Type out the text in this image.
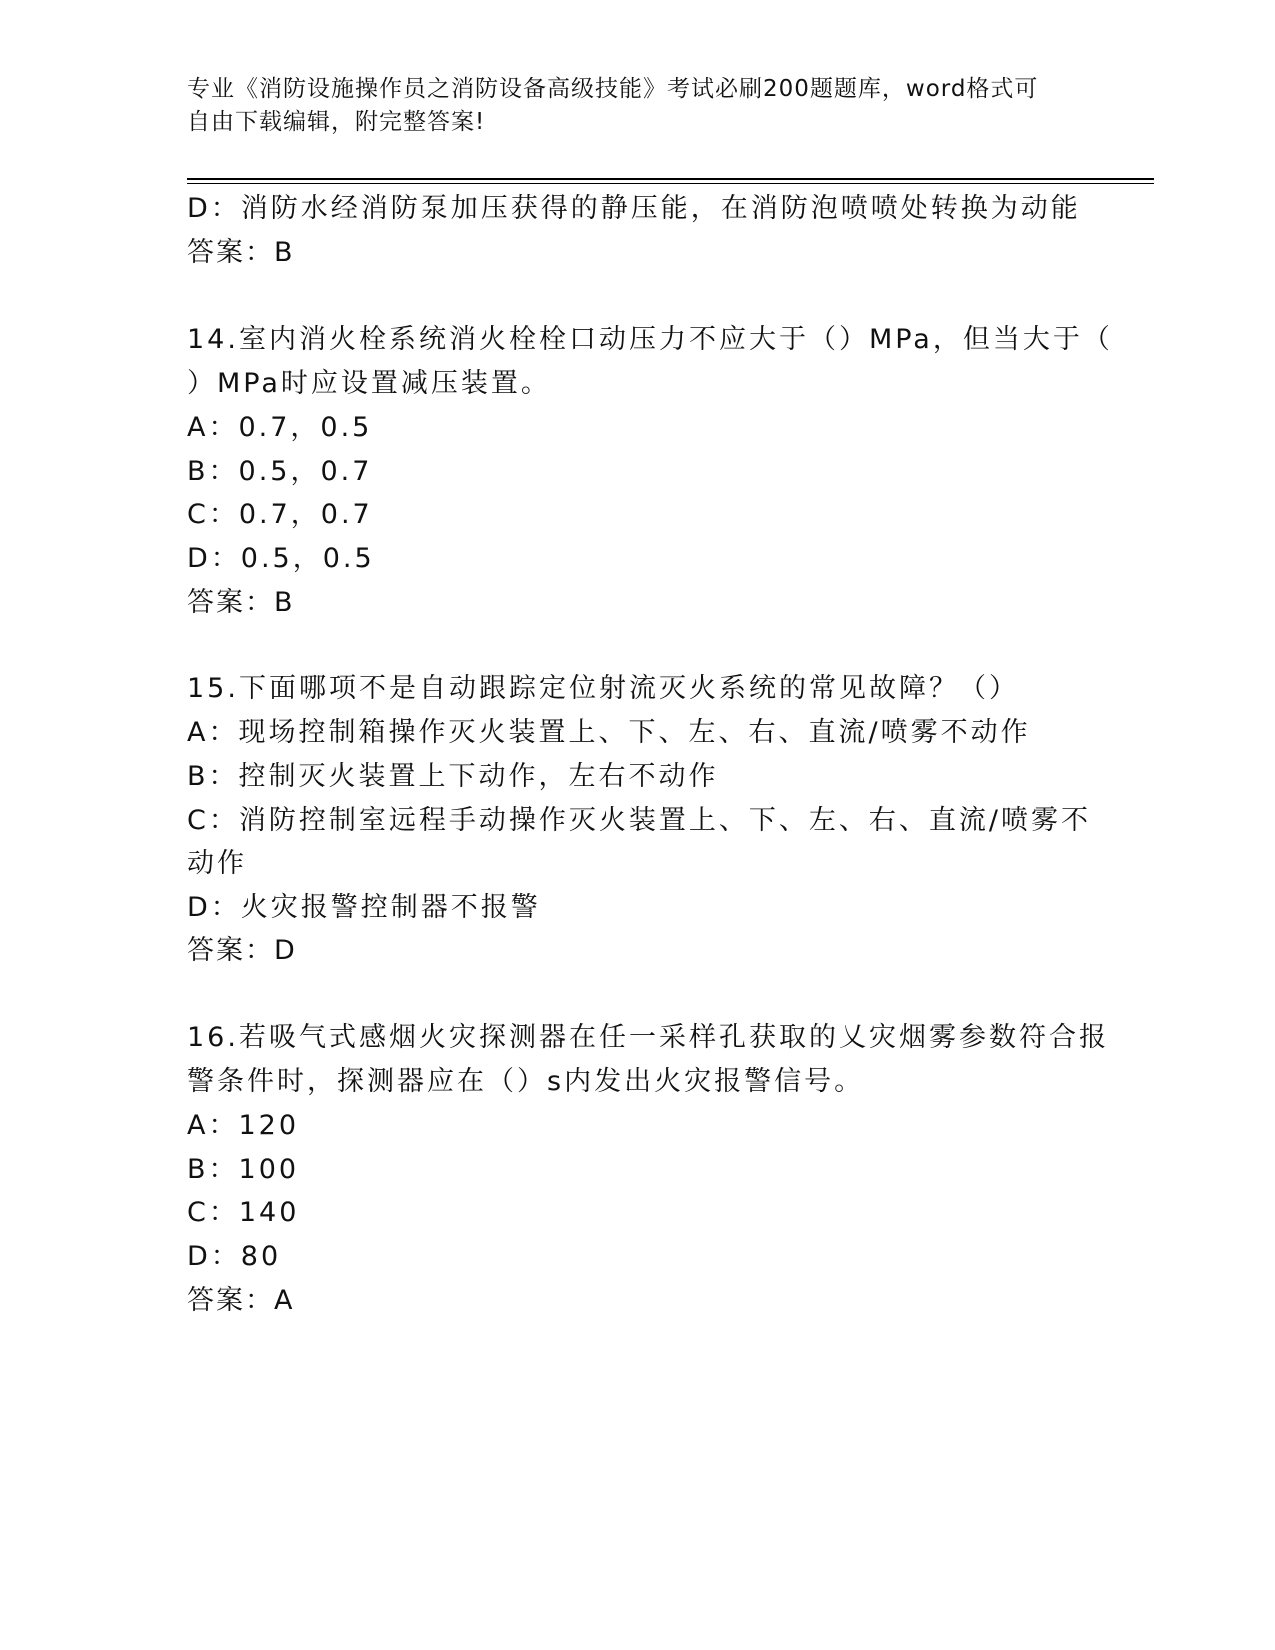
专业《消防设施操作员之消防设备高级技能》考试必刷200题题库，word格式可
自由下载编辑，附完整答案!
D：消防水经消防泵加压获得的静压能，在消防泡喷喷处转换为动能
答案：B
14.室内消火栓系统消火栓栓口动压力不应大于（）MPa，但当大于（
）MPa时应设置减压装置。
A：0.7，0.5
B：0.5，0.7
C：0.7，0.7
D：0.5，0.5
答案：B
15.下面哪项不是自动跟踪定位射流灭火系统的常见故障？（）
A：现场控制箱操作灭火装置上、下、左、右、直流/喷雾不动作
B：控制灭火装置上下动作，左右不动作
C：消防控制室远程手动操作灭火装置上、下、左、右、直流/喷雾不
动作
D：火灾报警控制器不报警
答案：D
16.若吸气式感烟火灾探测器在任一采样孔获取的乂灾烟雾参数符合报
警条件时，探测器应在（）s内发出火灾报警信号。
A：120
B：100
C：140
D：80
答案：A
